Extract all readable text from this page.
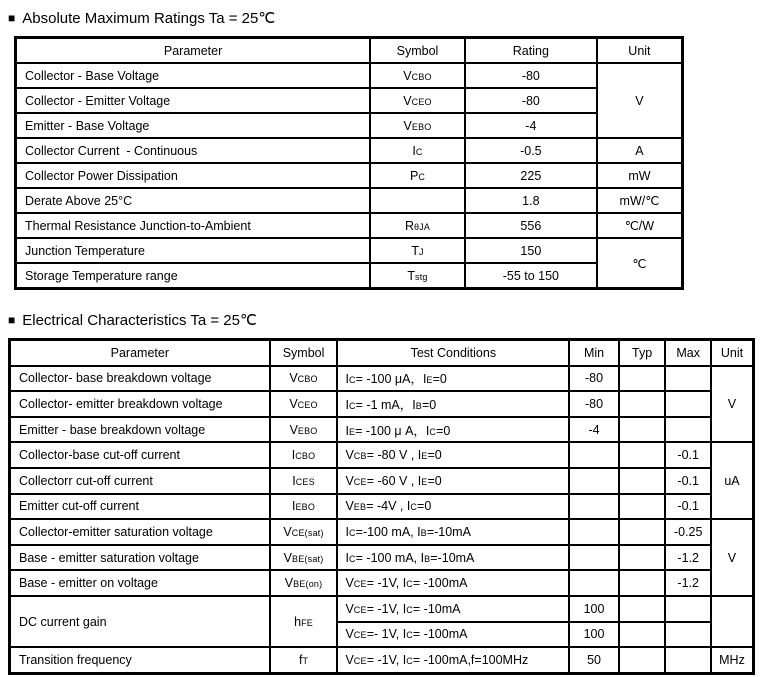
■ Absolute Maximum Ratings Ta = 25℃
Parameter	Symbol	Rating	Unit
Collector - Base Voltage	VCBO	-80	V
Collector - Emitter Voltage	VCEO	-80	
Emitter - Base Voltage	VEBO	-4	
Collector Current  - Continuous	IC	-0.5	A
Collector Power Dissipation	PC	225	mW
Derate Above 25°C		1.8	mW/℃
Thermal Resistance Junction-to-Ambient	RθJA	556	℃/W
Junction Temperature	TJ	150	℃
Storage Temperature range	Tstg	-55 to 150	
■ Electrical Characteristics Ta = 25℃
Parameter	Symbol	Test Conditions	Min	Typ	Max	Unit
Collector- base breakdown voltage	VCBO	IC= -100 μA，IE=0	-80			V
Collector- emitter breakdown voltage	VCEO	IC= -1 mA，IB=0	-80			
Emitter - base breakdown voltage	VEBO	IE= -100 μ A，IC=0	-4			
Collector-base cut-off current	ICBO	VCB= -80 V , IE=0			-0.1	uA
Collectorr cut-off current	ICES	VCE= -60 V , IE=0			-0.1	
Emitter cut-off current	IEBO	VEB= -4V , IC=0			-0.1	
Collector-emitter saturation voltage	VCE(sat)	IC=-100 mA, IB=-10mA			-0.25	V
Base - emitter saturation voltage	VBE(sat)	IC= -100 mA, IB=-10mA			-1.2	
Base - emitter on voltage	VBE(on)	VCE= -1V, IC= -100mA			-1.2	
DC current gain	hFE	VCE= -1V, IC= -10mA	100			
		VCE=- 1V, IC= -100mA	100			
Transition frequency	fT	VCE= -1V, IC= -100mA,f=100MHz	50			MHz
